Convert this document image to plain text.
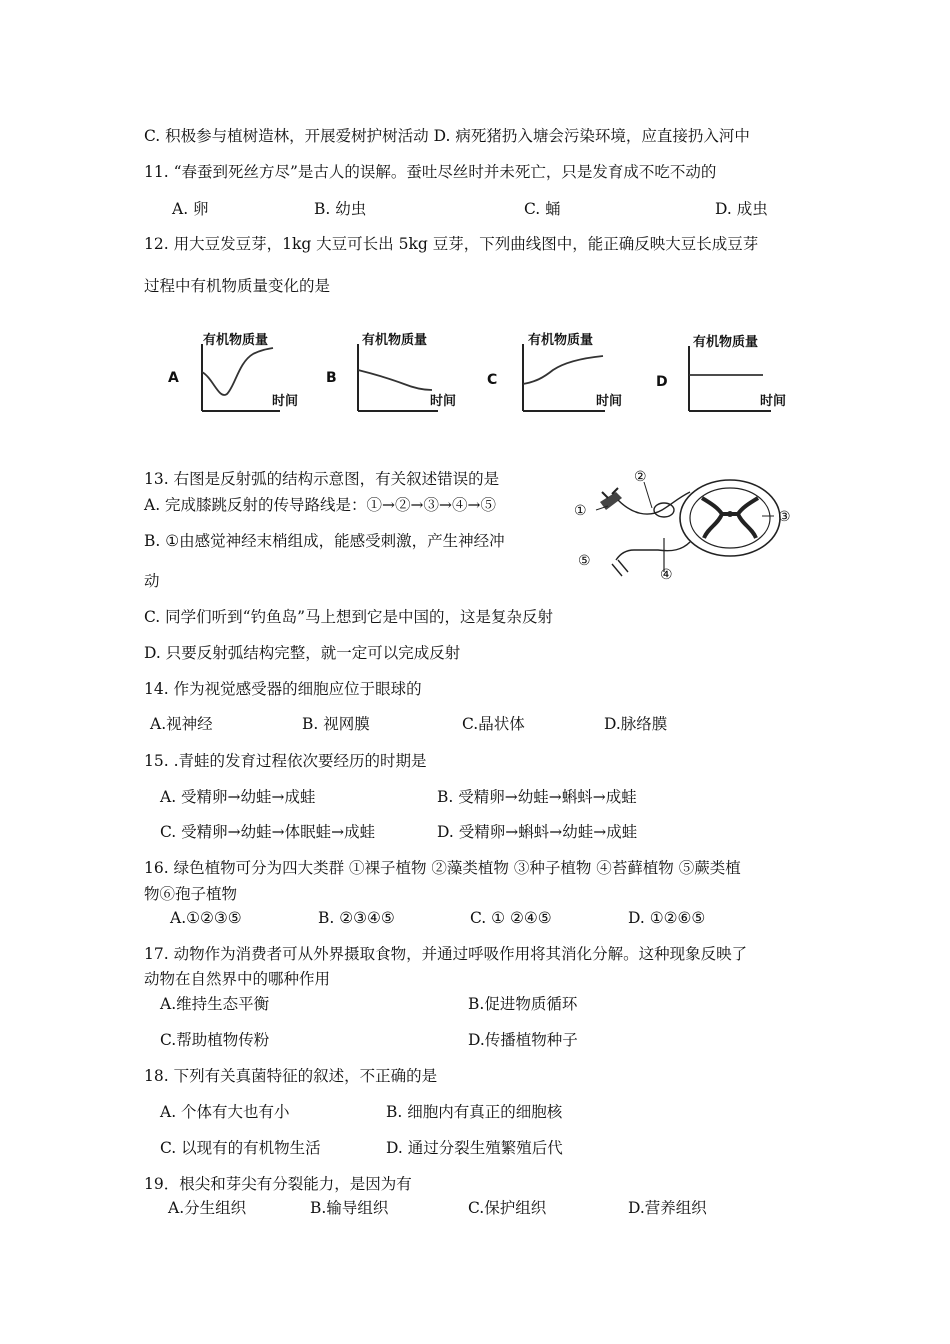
C. 积极参与植树造林，开展爱树护树活动 D. 病死猪扔入塘会污染环境，应直接扔入河中
11. “春蚕到死丝方尽”是古人的误解。蚕吐尽丝时并未死亡，只是发育成不吃不动的
A. 卵	B. 幼虫	C. 蛹	D. 成虫
12. 用大豆发豆芽，1kg 大豆可长出 5kg 豆芽，下列曲线图中，能正确反映大豆长成豆芽
过程中有机物质量变化的是
A
有机物质量
时间
B
有机物质量
时间
C
有机物质量
时间
D
有机物质量
时间
13. 右图是反射弧的结构示意图，有关叙述错误的是
A. 完成膝跳反射的传导路线是：①→②→③→④→⑤
B. ①由感觉神经末梢组成，能感受刺激，产生神经冲
动
C. 同学们听到“钓鱼岛”马上想到它是中国的，这是复杂反射
D. 只要反射弧结构完整，就一定可以完成反射
②
①	③
⑤
④
14. 作为视觉感受器的细胞应位于眼球的
A.视神经	B. 视网膜	C.晶状体	D.脉络膜
15. .青蛙的发育过程依次要经历的时期是
A. 受精卵→幼蛙→成蛙	B. 受精卵→幼蛙→蝌蚪→成蛙
C. 受精卵→幼蛙→体眠蛙→成蛙	D. 受精卵→蝌蚪→幼蛙→成蛙
16. 绿色植物可分为四大类群 ①裸子植物 ②藻类植物 ③种子植物 ④苔藓植物 ⑤蕨类植
物⑥孢子植物
A.①②③⑤	B. ②③④⑤	C. ① ②④⑤	D. ①②⑥⑤
17. 动物作为消费者可从外界摄取食物，并通过呼吸作用将其消化分解。这种现象反映了
动物在自然界中的哪种作用
A.维持生态平衡	B.促进物质循环
C.帮助植物传粉	D.传播植物种子
18. 下列有关真菌特征的叙述，不正确的是
A. 个体有大也有小	B. 细胞内有真正的细胞核
C. 以现有的有机物生活	D. 通过分裂生殖繁殖后代
19．根尖和芽尖有分裂能力，是因为有
A.分生组织	B.输导组织	C.保护组织	D.营养组织
